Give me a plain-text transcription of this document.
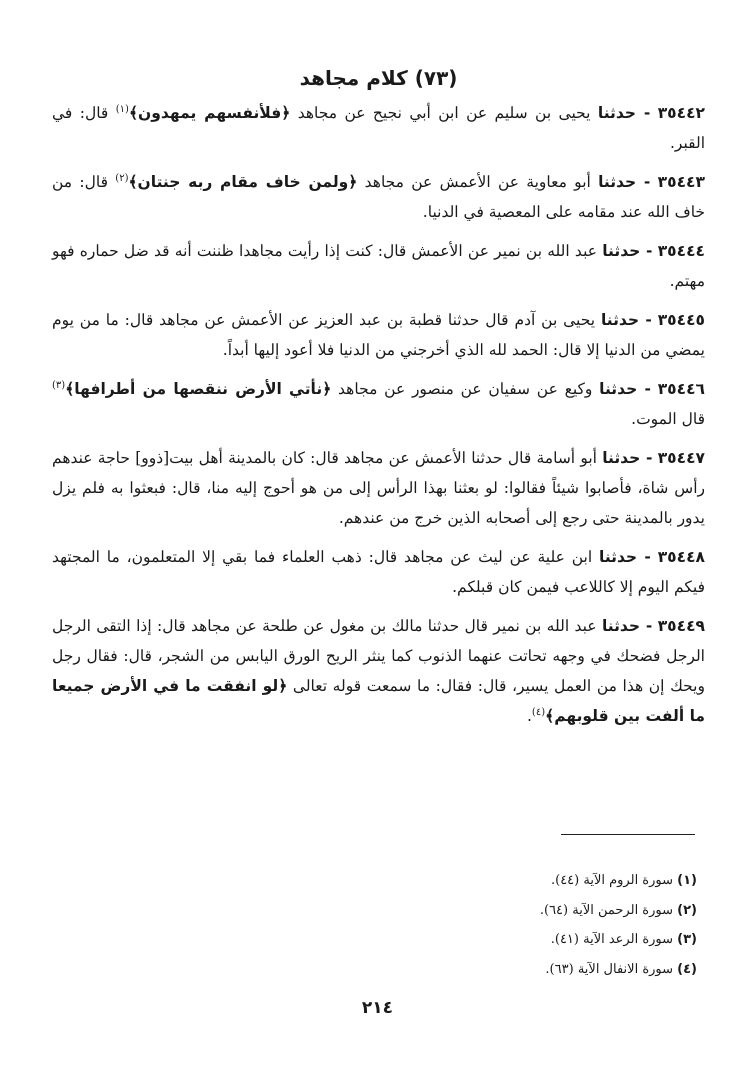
(٧٣) كلام مجاهد

٣٥٤٤٢ - حدثنا يحيى بن سليم عن ابن أبي نجيح عن مجاهد ﴿فلأنفسهم يمهدون﴾$^{(١)}$ قال: في القبر.

٣٥٤٤٣ - حدثنا أبو معاوية عن الأعمش عن مجاهد ﴿ولمن خاف مقام ربه جنتان﴾$^{(٢)}$ قال: من خاف الله عند مقامه على المعصية في الدنيا.

٣٥٤٤٤ - حدثنا عبد الله بن نمير عن الأعمش قال: كنت إذا رأيت مجاهدا ظننت أنه قد ضل حماره فهو مهتم.

٣٥٤٤٥ - حدثنا يحيى بن آدم قال حدثنا قطبة بن عبد العزيز عن الأعمش عن مجاهد قال: ما من يوم يمضي من الدنيا إلا قال: الحمد لله الذي أخرجني من الدنيا فلا أعود إليها أبداً.

٣٥٤٤٦ - حدثنا وكيع عن سفيان عن منصور عن مجاهد ﴿نأتي الأرض ننقصها من أطرافها﴾$^{(٣)}$ قال الموت.

٣٥٤٤٧ - حدثنا أبو أسامة قال حدثنا الأعمش عن مجاهد قال: كان بالمدينة أهل بيت[ذوو] حاجة عندهم رأس شاة، فأصابوا شيئاً فقالوا: لو بعثنا بهذا الرأس إلى من هو أحوج إليه منا، قال: فبعثوا به فلم يزل يدور بالمدينة حتى رجع إلى أصحابه الذين خرج من عندهم.

٣٥٤٤٨ - حدثنا ابن علية عن ليث عن مجاهد قال: ذهب العلماء فما بقي إلا المتعلمون، ما المجتهد فيكم اليوم إلا كاللاعب فيمن كان قبلكم.

٣٥٤٤٩ - حدثنا عبد الله بن نمير قال حدثنا مالك بن مغول عن طلحة عن مجاهد قال: إذا التقى الرجل الرجل فضحك في وجهه تحاتت عنهما الذنوب كما ينثر الريح الورق اليابس من الشجر، قال: فقال رجل ويحك إن هذا من العمل يسير، قال: فقال: ما سمعت قوله تعالى ﴿لو انفقت ما في الأرض جميعا ما ألفت بين قلوبهم﴾$^{(٤)}$.

(١) سورة الروم الآية (٤٤).
(٢) سورة الرحمن الآية (٦٤).
(٣) سورة الرعد الآية (٤١).
(٤) سورة الانفال الآية (٦٣).
٢١٤
